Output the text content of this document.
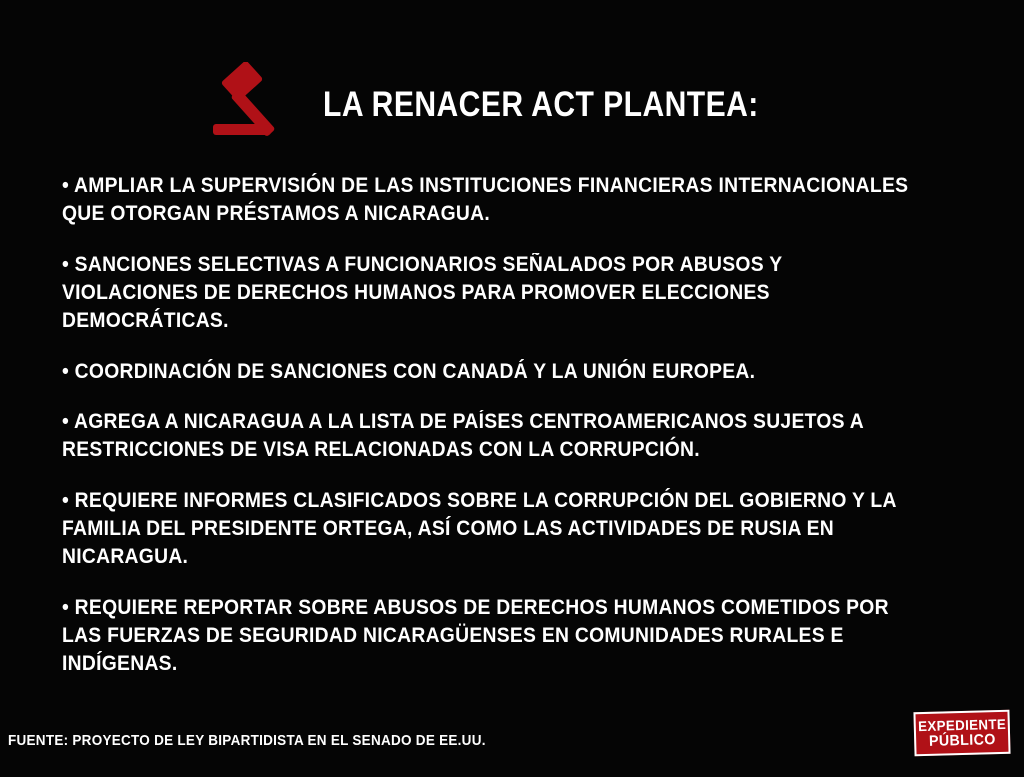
LA RENACER ACT PLANTEA:
• AMPLIAR LA SUPERVISIÓN DE LAS INSTITUCIONES FINANCIERAS INTERNACIONALES QUE OTORGAN PRÉSTAMOS A NICARAGUA.
• SANCIONES SELECTIVAS A FUNCIONARIOS SEÑALADOS POR ABUSOS Y VIOLACIONES DE DERECHOS HUMANOS PARA PROMOVER ELECCIONES DEMOCRÁTICAS.
• COORDINACIÓN DE SANCIONES CON CANADÁ Y LA UNIÓN EUROPEA.
• AGREGA A NICARAGUA A LA LISTA DE PAÍSES CENTROAMERICANOS SUJETOS A RESTRICCIONES DE VISA RELACIONADAS CON LA CORRUPCIÓN.
• REQUIERE INFORMES CLASIFICADOS SOBRE LA CORRUPCIÓN DEL GOBIERNO Y LA FAMILIA DEL PRESIDENTE ORTEGA, ASÍ COMO LAS ACTIVIDADES DE RUSIA EN NICARAGUA.
• REQUIERE REPORTAR SOBRE ABUSOS DE DERECHOS HUMANOS COMETIDOS POR LAS FUERZAS DE SEGURIDAD NICARAGÜENSES EN COMUNIDADES RURALES E INDÍGENAS.
FUENTE: PROYECTO DE LEY BIPARTIDISTA EN EL SENADO DE EE.UU.
EXPEDIENTE
PÚBLICO
